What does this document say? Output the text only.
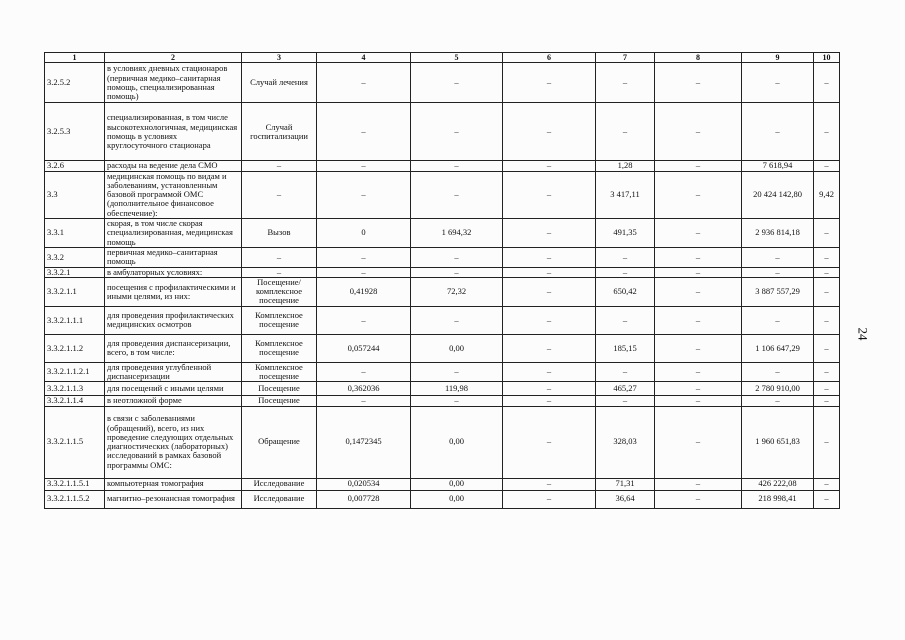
1	2	3	4	5	6	7	8	9	10
3.2.5.2	в условиях дневных стационаров (первичная медико–санитарная помощь, специализированная помощь)	Случай лечения	–	–	–	–	–	–	–
3.2.5.3	специализированная, в том числе высокотехнологичная, медицинская помощь в условиях круглосуточного стационара	Случай госпитализации	–	–	–	–	–	–	–
3.2.6	расходы на ведение дела СМО	–	–	–	–	1,28	–	7 618,94	–
3.3	медицинская помощь по видам и заболеваниям, установленным базовой программой ОМС (дополнительное финансовое обеспечение):	–	–	–	–	3 417,11	–	20 424 142,80	9,42
3.3.1	скорая, в том числе скорая специализированная, медицинская помощь	Вызов	0	1 694,32	–	491,35	–	2 936 814,18	–
3.3.2	первичная медико–санитарная помощь	–	–	–	–	–	–	–	–
3.3.2.1	в амбулаторных условиях:	–	–	–	–	–	–	–	–
3.3.2.1.1	посещения с профилактическими и иными целями, из них:	Посещение/ комплексное посещение	0,41928	72,32	–	650,42	–	3 887 557,29	–
3.3.2.1.1.1	для проведения профилактических медицинских осмотров	Комплексное посещение	–	–	–	–	–	–	–
3.3.2.1.1.2	для проведения диспансеризации, всего, в том числе:	Комплексное посещение	0,057244	0,00	–	185,15	–	1 106 647,29	–
3.3.2.1.1.2.1	для проведения углубленной диспансеризации	Комплексное посещение	–	–	–	–	–	–	–
3.3.2.1.1.3	для посещений с иными целями	Посещение	0,362036	119,98	–	465,27	–	2 780 910,00	–
3.3.2.1.1.4	в неотложной форме	Посещение	–	–	–	–	–	–	–
3.3.2.1.1.5	в связи с заболеваниями (обращений), всего, из них проведение следующих отдельных диагностических (лабораторных) исследований в рамках базовой программы ОМС:	Обращение	0,1472345	0,00	–	328,03	–	1 960 651,83	–
3.3.2.1.1.5.1	компьютерная томография	Исследование	0,020534	0,00	–	71,31	–	426 222,08	–
3.3.2.1.1.5.2	магнитно–резонансная томография	Исследование	0,007728	0,00	–	36,64	–	218 998,41	–
24
